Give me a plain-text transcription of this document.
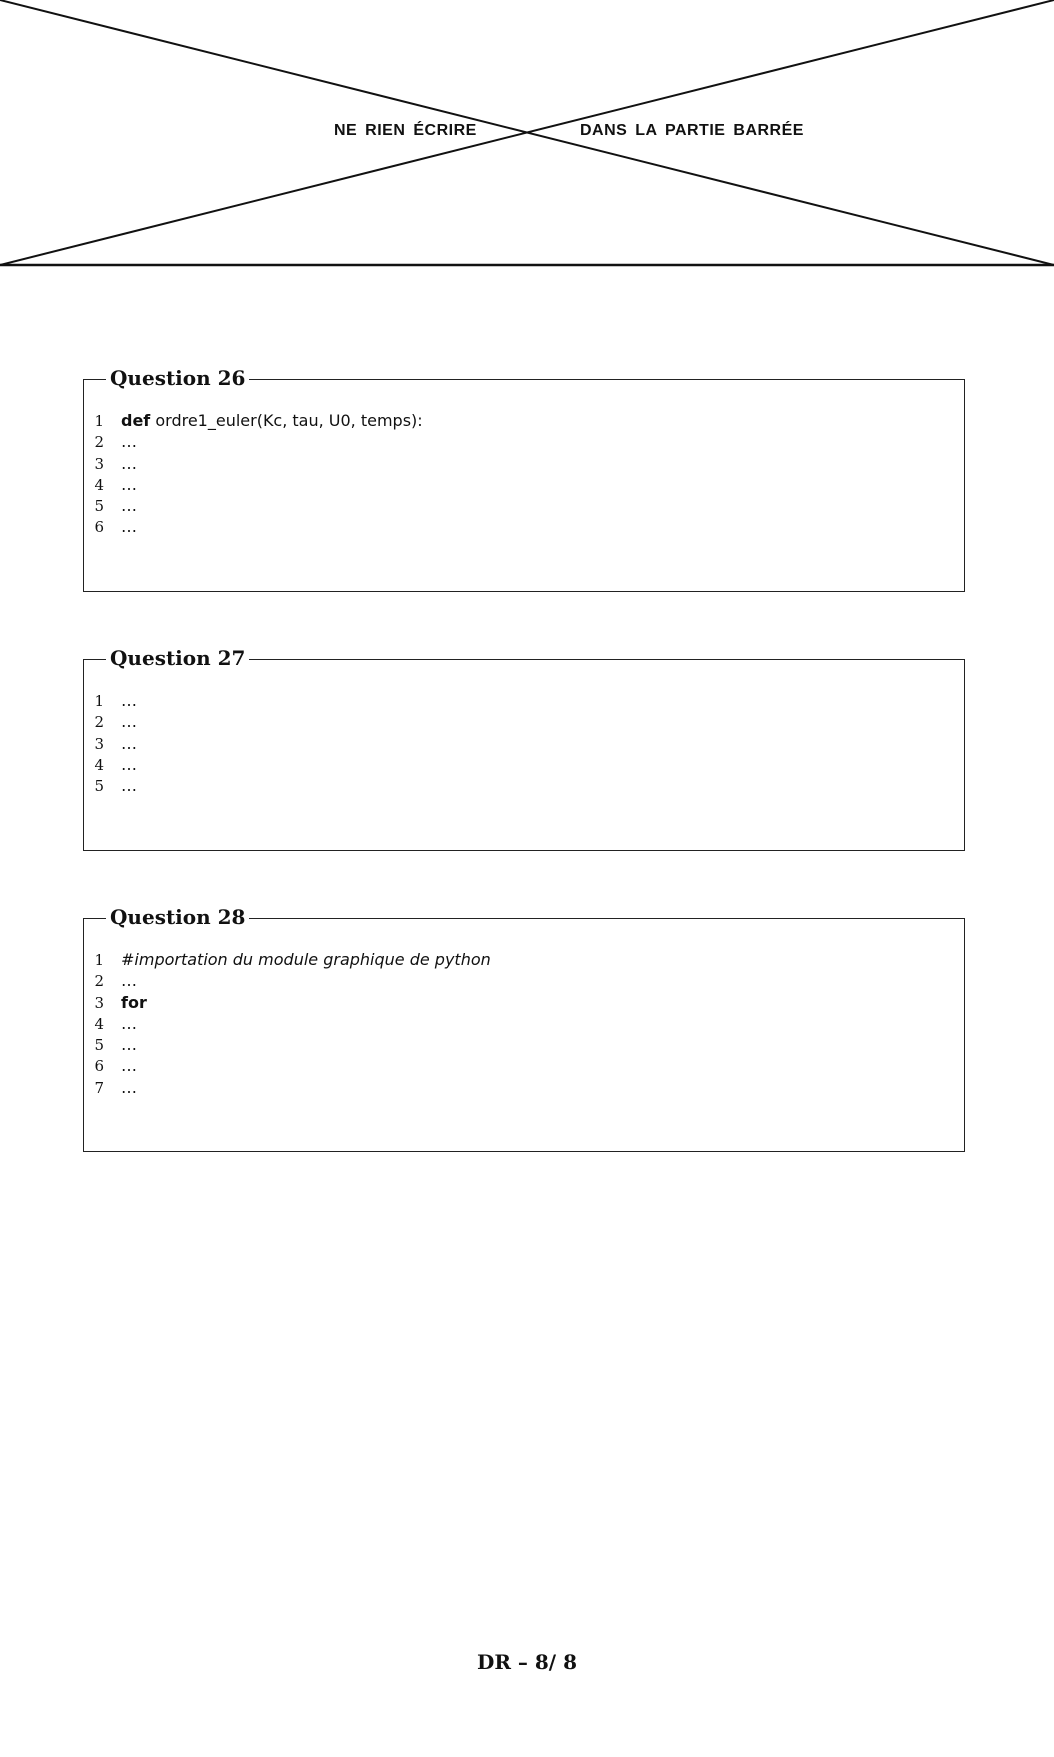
NE RIEN ÉCRIRE	DANS LA PARTIE BARRÉE
Question 26
1 def ordre1_euler(Kc, tau, U0, temps):
2 …
3 …
4 …
5 …
6 …
Question 27
1 …
2 …
3 …
4 …
5 …
Question 28
1 #importation du module graphique de python
2 …
3 for
4 …
5 …
6 …
7 …
DR – 8/ 8
